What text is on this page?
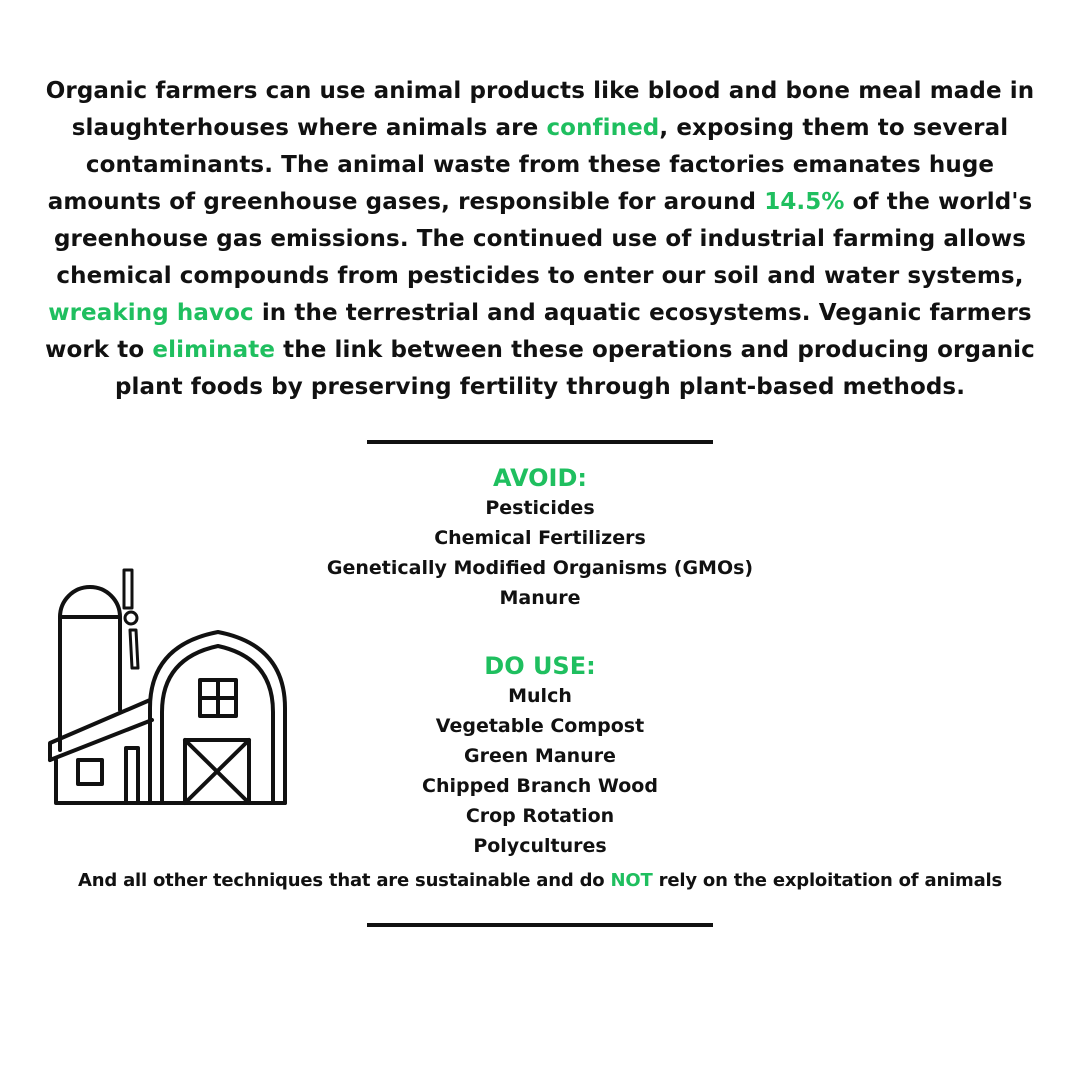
Organic farmers can use animal products like blood and bone meal made in slaughterhouses where animals are confined, exposing them to several contaminants. The animal waste from these factories emanates huge amounts of greenhouse gases, responsible for around 14.5% of the world's greenhouse gas emissions. The continued use of industrial farming allows chemical compounds from pesticides to enter our soil and water systems, wreaking havoc in the terrestrial and aquatic ecosystems. Veganic farmers work to eliminate the link between these operations and producing organic plant foods by preserving fertility through plant-based methods.

AVOID:
Pesticides
Chemical Fertilizers
Genetically Modified Organisms (GMOs)
Manure
DO USE:
Mulch
Vegetable Compost
Green Manure
Chipped Branch Wood
Crop Rotation
Polycultures
And all other techniques that are sustainable and do NOT rely on the exploitation of animals
